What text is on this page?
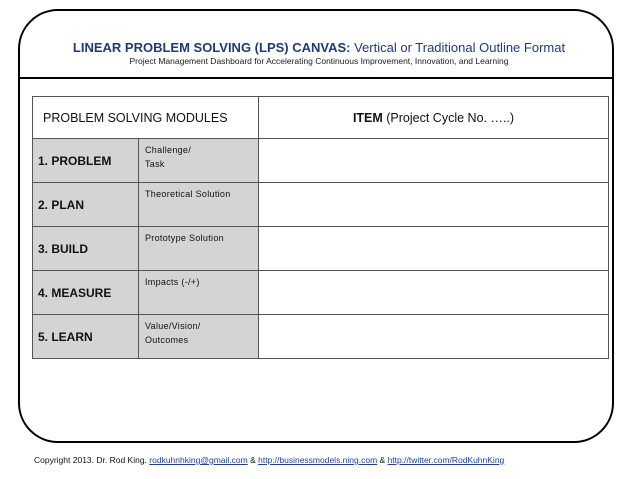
LINEAR PROBLEM SOLVING (LPS) CANVAS: Vertical or Traditional Outline Format
Project Management Dashboard for Accelerating Continuous Improvement, Innovation, and Learning
PROBLEM SOLVING MODULES		ITEM (Project Cycle No. …..)
1. PROBLEM	Challenge/
Task	
2. PLAN	Theoretical Solution

3. BUILD	Prototype Solution

4. MEASURE	Impacts (-/+)

5. LEARN	Value/Vision/
Outcomes	
Copyright 2013. Dr. Rod King. rodkuhnhking@gmail.com & http://businessmodels.ning.com & http://twitter.com/RodKuhnKing
